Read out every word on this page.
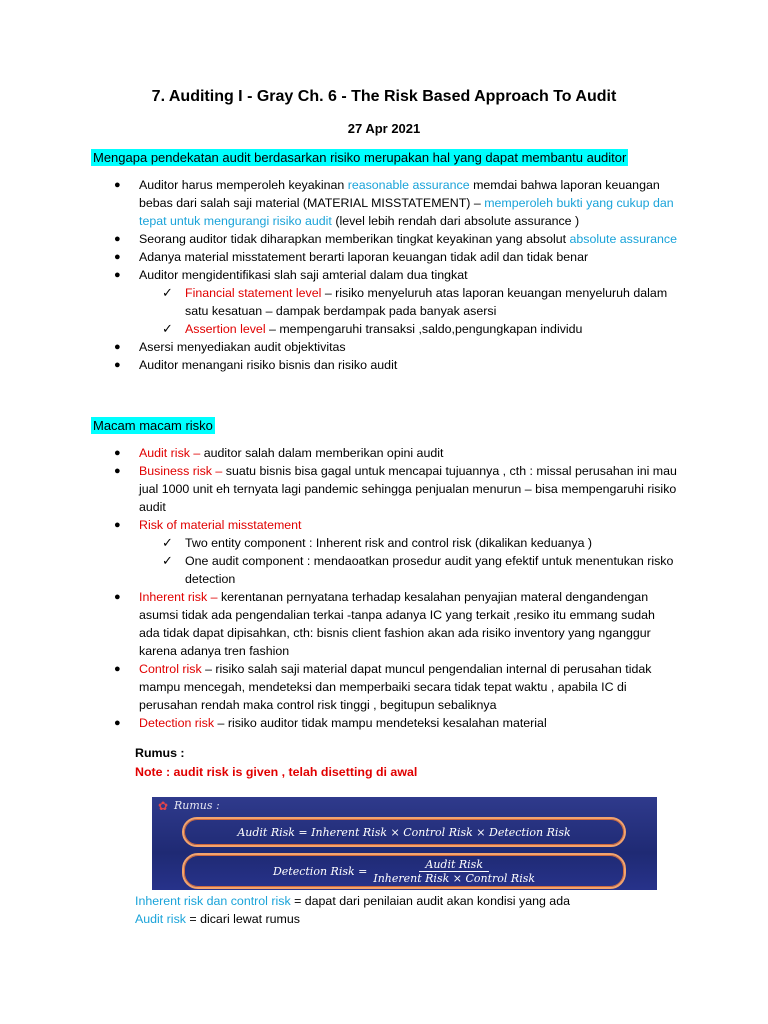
7. Auditing I - Gray Ch. 6 - The Risk Based Approach To Audit
27 Apr 2021
Mengapa pendekatan audit berdasarkan risiko merupakan hal yang dapat membantu auditor
● Auditor harus memperoleh keyakinan reasonable assurance memdai bahwa laporan keuangan bebas dari salah saji material (MATERIAL MISSTATEMENT) – memperoleh bukti yang cukup dan tepat untuk mengurangi risiko audit (level lebih rendah dari absolute assurance )
● Seorang auditor tidak diharapkan memberikan tingkat keyakinan yang absolut absolute assurance
● Adanya material misstatement berarti laporan keuangan tidak adil dan tidak benar
● Auditor mengidentifikasi slah saji amterial dalam dua tingkat
✓ Financial statement level – risiko menyeluruh atas laporan keuangan menyeluruh dalam satu kesatuan – dampak berdampak pada banyak asersi
✓ Assertion level – mempengaruhi transaksi ,saldo,pengungkapan individu
● Asersi menyediakan audit objektivitas
● Auditor menangani risiko bisnis dan risiko audit
Macam macam risko
● Audit risk – auditor salah dalam memberikan opini audit
● Business risk – suatu bisnis bisa gagal untuk mencapai tujuannya , cth : missal perusahan ini mau jual 1000 unit eh ternyata lagi pandemic sehingga penjualan menurun – bisa mempengaruhi risiko audit
● Risk of material misstatement
✓ Two entity component : Inherent risk and control risk (dikalikan keduanya )
✓ One audit component : mendaoatkan prosedur audit yang efektif untuk menentukan risko detection
● Inherent risk – kerentanan pernyatana terhadap kesalahan penyajian materal dengandengan asumsi tidak ada pengendalian terkai -tanpa adanya IC yang terkait ,resiko itu emmang sudah ada tidak dapat dipisahkan, cth: bisnis client fashion akan ada risiko inventory yang nganggur karena adanya tren fashion
● Control risk – risiko salah saji material dapat muncul pengendalian internal di perusahan tidak mampu mencegah, mendeteksi dan memperbaiki secara tidak tepat waktu , apabila IC di perusahan rendah maka control risk tinggi , begitupun sebaliknya
● Detection risk – risiko auditor tidak mampu mendeteksi kesalahan material
Rumus :
Note : audit risk is given , telah disetting di awal
✿ Rumus :
Audit Risk = Inherent Risk × Control Risk × Detection Risk
Detection Risk = $\frac{\text{Audit Risk}}{\text{Inherent Risk × Control Risk}}$
Inherent risk dan control risk = dapat dari penilaian audit akan kondisi yang ada
Audit risk = dicari lewat rumus
